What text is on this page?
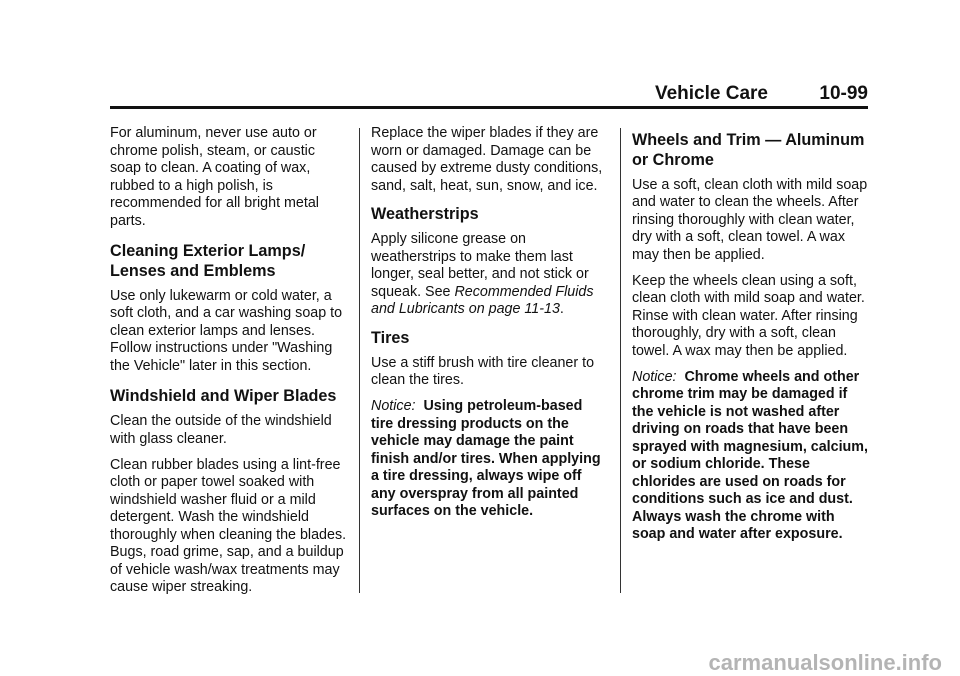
Vehicle Care	10-99

For aluminum, never use auto or chrome polish, steam, or caustic soap to clean. A coating of wax, rubbed to a high polish, is recommended for all bright metal parts.

Cleaning Exterior Lamps/ Lenses and Emblems

Use only lukewarm or cold water, a soft cloth, and a car washing soap to clean exterior lamps and lenses. Follow instructions under "Washing the Vehicle" later in this section.

Windshield and Wiper Blades

Clean the outside of the windshield with glass cleaner.

Clean rubber blades using a lint-free cloth or paper towel soaked with windshield washer fluid or a mild detergent. Wash the windshield thoroughly when cleaning the blades. Bugs, road grime, sap, and a buildup of vehicle wash/wax treatments may cause wiper streaking.

Replace the wiper blades if they are worn or damaged. Damage can be caused by extreme dusty conditions, sand, salt, heat, sun, snow, and ice.

Weatherstrips

Apply silicone grease on weatherstrips to make them last longer, seal better, and not stick or squeak. See Recommended Fluids and Lubricants on page 11-13.

Tires

Use a stiff brush with tire cleaner to clean the tires.

Notice: Using petroleum-based tire dressing products on the vehicle may damage the paint finish and/or tires. When applying a tire dressing, always wipe off any overspray from all painted surfaces on the vehicle.

Wheels and Trim — Aluminum or Chrome

Use a soft, clean cloth with mild soap and water to clean the wheels. After rinsing thoroughly with clean water, dry with a soft, clean towel. A wax may then be applied.

Keep the wheels clean using a soft, clean cloth with mild soap and water. Rinse with clean water. After rinsing thoroughly, dry with a soft, clean towel. A wax may then be applied.

Notice: Chrome wheels and other chrome trim may be damaged if the vehicle is not washed after driving on roads that have been sprayed with magnesium, calcium, or sodium chloride. These chlorides are used on roads for conditions such as ice and dust. Always wash the chrome with soap and water after exposure.

carmanualsonline.info
